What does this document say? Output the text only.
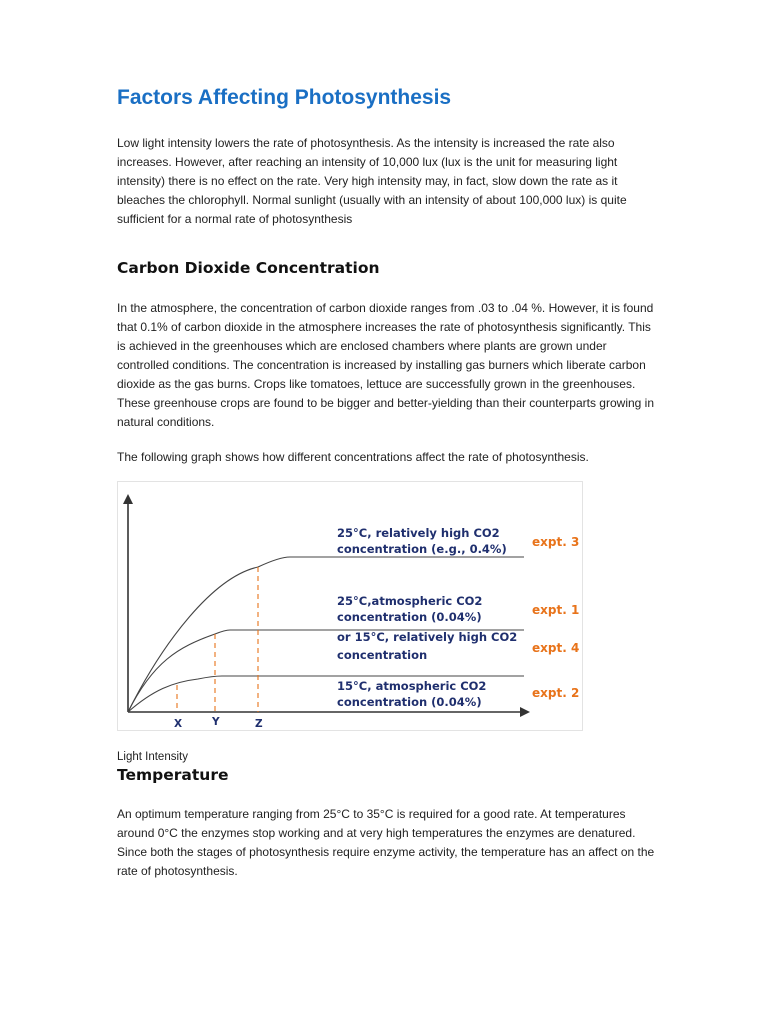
Factors Affecting Photosynthesis

Low light intensity lowers the rate of photosynthesis. As the intensity is increased the rate also increases. However, after reaching an intensity of 10,000 lux (lux is the unit for measuring light intensity) there is no effect on the rate. Very high intensity may, in fact, slow down the rate as it bleaches the chlorophyll. Normal sunlight (usually with an intensity of about 100,000 lux) is quite sufficient for a normal rate of photosynthesis

Carbon Dioxide Concentration

In the atmosphere, the concentration of carbon dioxide ranges from .03 to .04 %. However, it is found that 0.1% of carbon dioxide in the atmosphere increases the rate of photosynthesis significantly. This is achieved in the greenhouses which are enclosed chambers where plants are grown under controlled conditions. The concentration is increased by installing gas burners which liberate carbon dioxide as the gas burns. Crops like tomatoes, lettuce are successfully grown in the greenhouses. These greenhouse crops are found to be bigger and better-yielding than their counterparts growing in natural conditions.

The following graph shows how different concentrations affect the rate of photosynthesis.

X	Y	Z
25°C, relatively high CO2
concentration (e.g., 0.4%)
25°C,atmospheric CO2
concentration (0.04%)
or 15°C, relatively high CO2
concentration
15°C, atmospheric CO2
concentration (0.04%)
expt. 3
expt. 1
expt. 4
expt. 2

Light Intensity

Temperature

An optimum temperature ranging from 25°C to 35°C is required for a good rate. At temperatures around 0°C the enzymes stop working and at very high temperatures the enzymes are denatured. Since both the stages of photosynthesis require enzyme activity, the temperature has an affect on the rate of photosynthesis.
